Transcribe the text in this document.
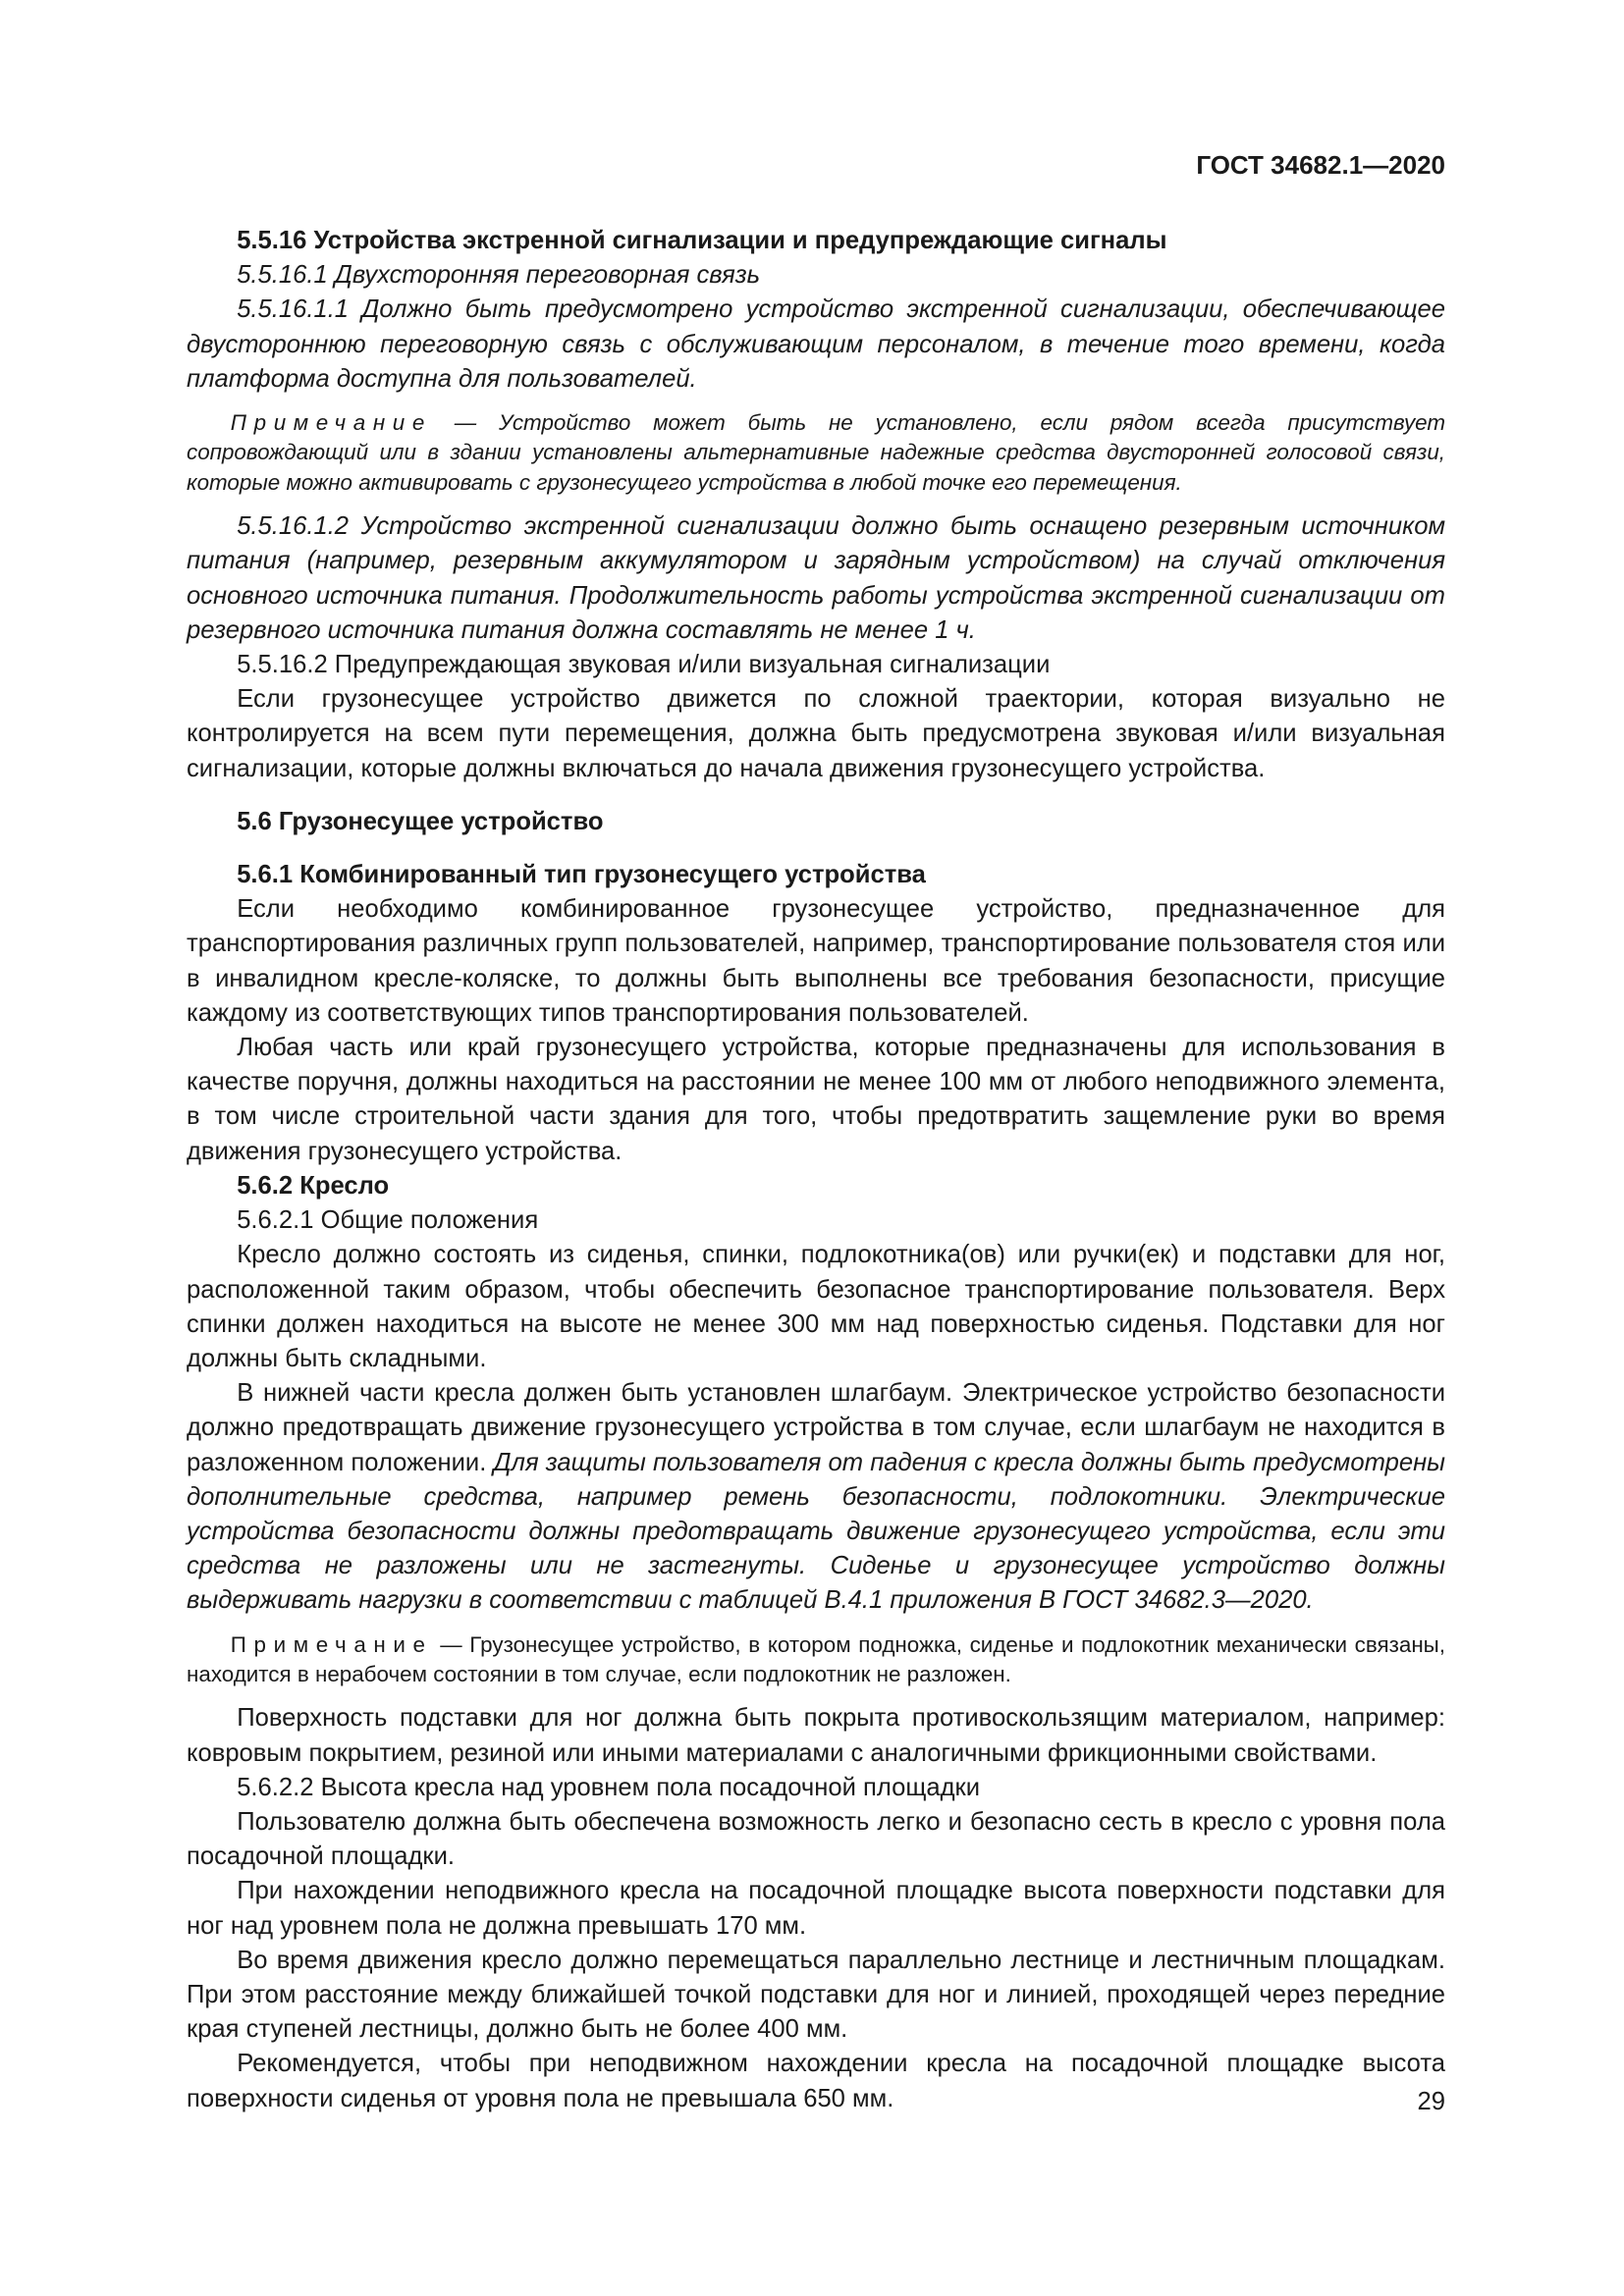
ГОСТ 34682.1—2020

5.5.16 Устройства экстренной сигнализации и предупреждающие сигналы

5.5.16.1 Двухсторонняя переговорная связь

5.5.16.1.1 Должно быть предусмотрено устройство экстренной сигнализации, обеспечивающее двустороннюю переговорную связь с обслуживающим персоналом, в течение того времени, когда платформа доступна для пользователей.

Примечание — Устройство может быть не установлено, если рядом всегда присутствует сопровождающий или в здании установлены альтернативные надежные средства двусторонней голосовой связи, которые можно активировать с грузонесущего устройства в любой точке его перемещения.

5.5.16.1.2 Устройство экстренной сигнализации должно быть оснащено резервным источником питания (например, резервным аккумулятором и зарядным устройством) на случай отключения основного источника питания. Продолжительность работы устройства экстренной сигнализации от резервного источника питания должна составлять не менее 1 ч.

5.5.16.2 Предупреждающая звуковая и/или визуальная сигнализации

Если грузонесущее устройство движется по сложной траектории, которая визуально не контролируется на всем пути перемещения, должна быть предусмотрена звуковая и/или визуальная сигнализации, которые должны включаться до начала движения грузонесущего устройства.

5.6 Грузонесущее устройство

5.6.1 Комбинированный тип грузонесущего устройства

Если необходимо комбинированное грузонесущее устройство, предназначенное для транспортирования различных групп пользователей, например, транспортирование пользователя стоя или в инвалидном кресле-коляске, то должны быть выполнены все требования безопасности, присущие каждому из соответствующих типов транспортирования пользователей.

Любая часть или край грузонесущего устройства, которые предназначены для использования в качестве поручня, должны находиться на расстоянии не менее 100 мм от любого неподвижного элемента, в том числе строительной части здания для того, чтобы предотвратить защемление руки во время движения грузонесущего устройства.

5.6.2 Кресло

5.6.2.1 Общие положения

Кресло должно состоять из сиденья, спинки, подлокотника(ов) или ручки(ек) и подставки для ног, расположенной таким образом, чтобы обеспечить безопасное транспортирование пользователя. Верх спинки должен находиться на высоте не менее 300 мм над поверхностью сиденья. Подставки для ног должны быть складными.

В нижней части кресла должен быть установлен шлагбаум. Электрическое устройство безопасности должно предотвращать движение грузонесущего устройства в том случае, если шлагбаум не находится в разложенном положении. Для защиты пользователя от падения с кресла должны быть предусмотрены дополнительные средства, например ремень безопасности, подлокотники. Электрические устройства безопасности должны предотвращать движение грузонесущего устройства, если эти средства не разложены или не застегнуты. Сиденье и грузонесущее устройство должны выдерживать нагрузки в соответствии с таблицей В.4.1 приложения В ГОСТ 34682.3—2020.

Примечание — Грузонесущее устройство, в котором подножка, сиденье и подлокотник механически связаны, находится в нерабочем состоянии в том случае, если подлокотник не разложен.

Поверхность подставки для ног должна быть покрыта противоскользящим материалом, например: ковровым покрытием, резиной или иными материалами с аналогичными фрикционными свойствами.

5.6.2.2 Высота кресла над уровнем пола посадочной площадки

Пользователю должна быть обеспечена возможность легко и безопасно сесть в кресло с уровня пола посадочной площадки.

При нахождении неподвижного кресла на посадочной площадке высота поверхности подставки для ног над уровнем пола не должна превышать 170 мм.

Во время движения кресло должно перемещаться параллельно лестнице и лестничным площадкам. При этом расстояние между ближайшей точкой подставки для ног и линией, проходящей через передние края ступеней лестницы, должно быть не более 400 мм.

Рекомендуется, чтобы при неподвижном нахождении кресла на посадочной площадке высота поверхности сиденья от уровня пола не превышала 650 мм.	29
